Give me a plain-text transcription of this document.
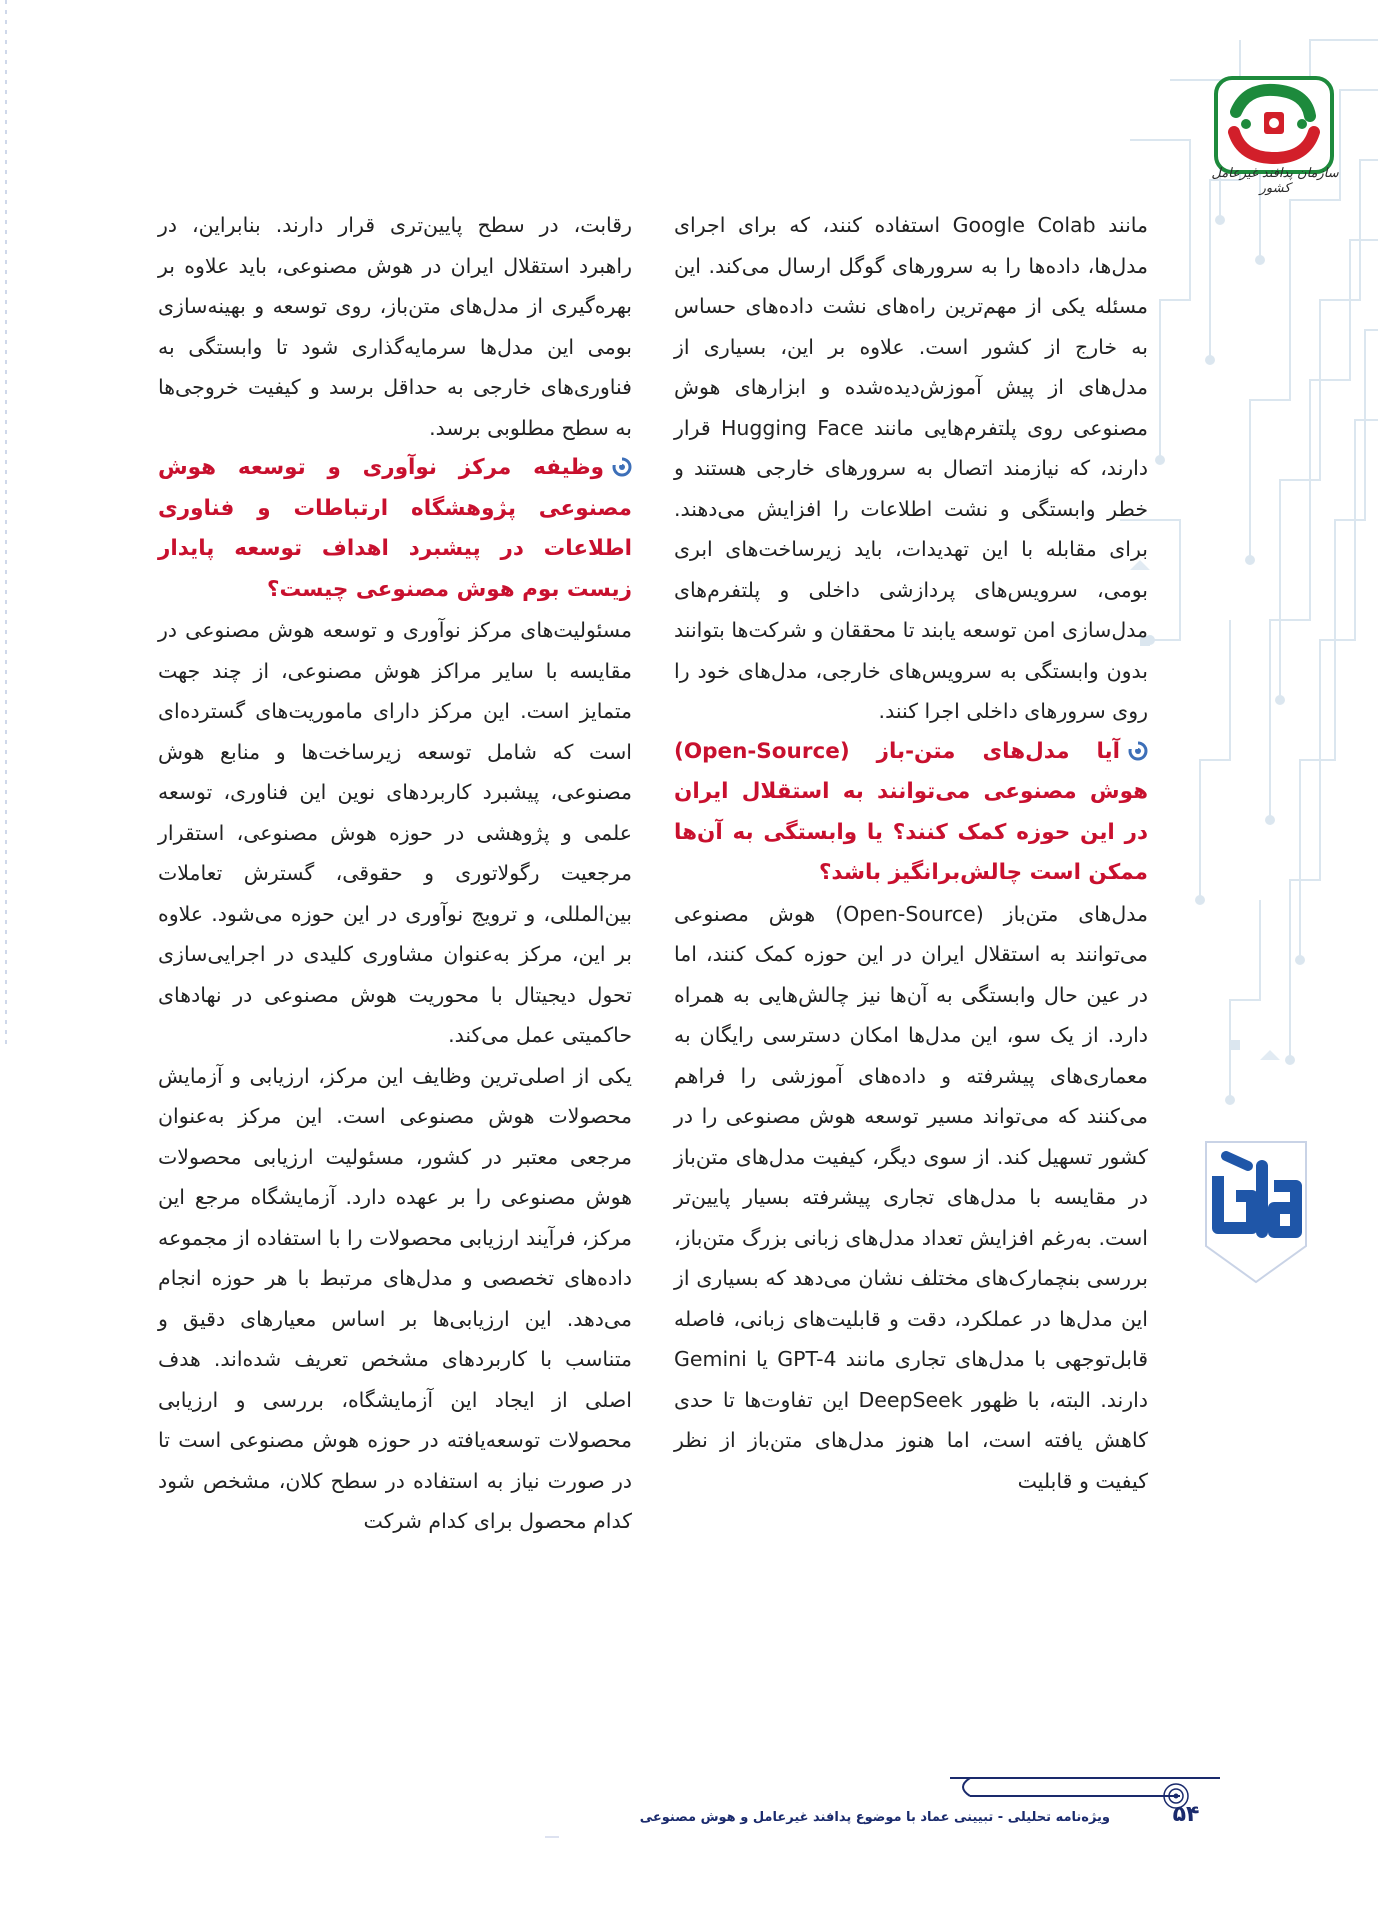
سازمان پدافند غیرعامل کشور

مانند Google Colab استفاده کنند، که برای اجرای مدل‌ها، داده‌ها را به سرورهای گوگل ارسال می‌کند. این مسئله یکی از مهم‌ترین راه‌های نشت داده‌های حساس به خارج از کشور است. علاوه بر این، بسیاری از مدل‌های از پیش آموزش‌دیده‌شده و ابزارهای هوش مصنوعی روی پلتفرم‌هایی مانند Hugging Face قرار دارند، که نیازمند اتصال به سرورهای خارجی هستند و خطر وابستگی و نشت اطلاعات را افزایش می‌دهند. برای مقابله با این تهدیدات، باید زیرساخت‌های ابری بومی، سرویس‌های پردازشی داخلی و پلتفرم‌های مدل‌سازی امن توسعه یابند تا محققان و شرکت‌ها بتوانند بدون وابستگی به سرویس‌های خارجی، مدل‌های خود را روی سرورهای داخلی اجرا کنند.

آیا مدل‌های متن-باز (Open-Source) هوش مصنوعی می‌توانند به استقلال ایران در این حوزه کمک کنند؟ یا وابستگی به آن‌ها ممکن است چالش‌برانگیز باشد؟

مدل‌های متن‌باز (Open-Source) هوش مصنوعی می‌توانند به استقلال ایران در این حوزه کمک کنند، اما در عین حال وابستگی به آن‌ها نیز چالش‌هایی به همراه دارد. از یک سو، این مدل‌ها امکان دسترسی رایگان به معماری‌های پیشرفته و داده‌های آموزشی را فراهم می‌کنند که می‌تواند مسیر توسعه هوش مصنوعی را در کشور تسهیل کند. از سوی دیگر، کیفیت مدل‌های متن‌باز در مقایسه با مدل‌های تجاری پیشرفته بسیار پایین‌تر است. به‌رغم افزایش تعداد مدل‌های زبانی بزرگ متن‌باز، بررسی بنچمارک‌های مختلف نشان می‌دهد که بسیاری از این مدل‌ها در عملکرد، دقت و قابلیت‌های زبانی، فاصله قابل‌توجهی با مدل‌های تجاری مانند GPT-4 یا Gemini دارند. البته، با ظهور DeepSeek این تفاوت‌ها تا حدی کاهش یافته است، اما هنوز مدل‌های متن‌باز از نظر کیفیت و قابلیت

رقابت، در سطح پایین‌تری قرار دارند. بنابراین، در راهبرد استقلال ایران در هوش مصنوعی، باید علاوه بر بهره‌گیری از مدل‌های متن‌باز، روی توسعه و بهینه‌سازی بومی این مدل‌ها سرمایه‌گذاری شود تا وابستگی به فناوری‌های خارجی به حداقل برسد و کیفیت خروجی‌ها به سطح مطلوبی برسد.

وظیفه مرکز نوآوری و توسعه هوش مصنوعی پژوهشگاه ارتباطات و فناوری اطلاعات در پیشبرد اهداف توسعه پایدار زیست بوم هوش مصنوعی چیست؟

مسئولیت‌های مرکز نوآوری و توسعه هوش مصنوعی در مقایسه با سایر مراکز هوش مصنوعی، از چند جهت متمایز است. این مرکز دارای ماموریت‌های گسترده‌ای است که شامل توسعه زیرساخت‌ها و منابع هوش مصنوعی، پیشبرد کاربردهای نوین این فناوری، توسعه علمی و پژوهشی در حوزه هوش مصنوعی، استقرار مرجعیت رگولاتوری و حقوقی، گسترش تعاملات بین‌المللی، و ترویج نوآوری در این حوزه می‌شود. علاوه بر این، مرکز به‌عنوان مشاوری کلیدی در اجرایی‌سازی تحول دیجیتال با محوریت هوش مصنوعی در نهادهای حاکمیتی عمل می‌کند.

یکی از اصلی‌ترین وظایف این مرکز، ارزیابی و آزمایش محصولات هوش مصنوعی است. این مرکز به‌عنوان مرجعی معتبر در کشور، مسئولیت ارزیابی محصولات هوش مصنوعی را بر عهده دارد. آزمایشگاه مرجع این مرکز، فرآیند ارزیابی محصولات را با استفاده از مجموعه داده‌های تخصصی و مدل‌های مرتبط با هر حوزه انجام می‌دهد. این ارزیابی‌ها بر اساس معیارهای دقیق و متناسب با کاربردهای مشخص تعریف شده‌اند. هدف اصلی از ایجاد این آزمایشگاه، بررسی و ارزیابی محصولات توسعه‌یافته در حوزه هوش مصنوعی است تا در صورت نیاز به استفاده در سطح کلان، مشخص شود کدام محصول برای کدام شرکت

۵۴
ویژه‌نامه تحلیلی - تبیینی عماد با موضوع پدافند غیرعامل و هوش مصنوعی
